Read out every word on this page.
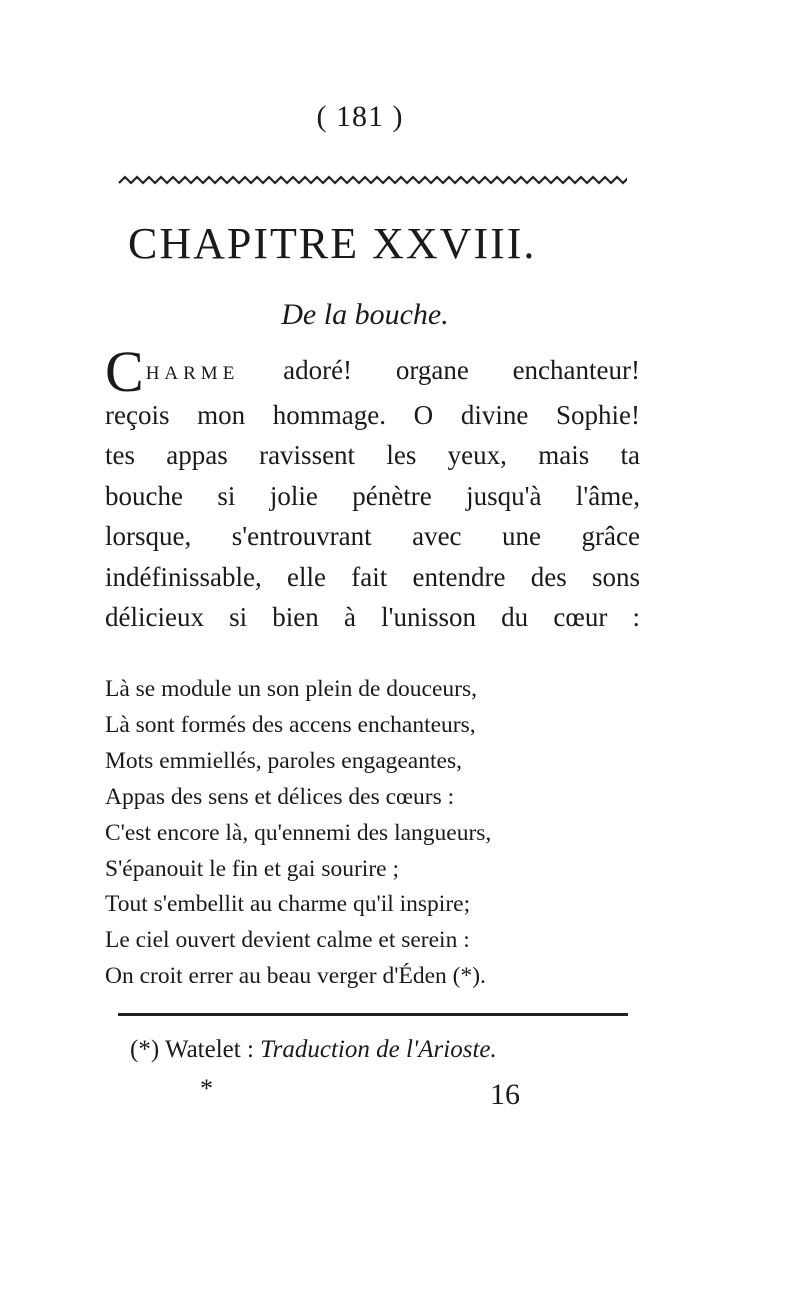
( 181 )
CHAPITRE XXVIII.
De la bouche.
CHARME adoré! organe enchanteur!
reçois mon hommage. O divine Sophie!
tes appas ravissent les yeux, mais ta
bouche si jolie pénètre jusqu'à l'âme,
lorsque, s'entrouvrant avec une grâce
indéfinissable, elle fait entendre des sons
délicieux si bien à l'unisson du cœur :
Là se module un son plein de douceurs,
Là sont formés des accens enchanteurs,
Mots emmiellés, paroles engageantes,
Appas des sens et délices des cœurs :
C'est encore là, qu'ennemi des langueurs,
S'épanouit le fin et gai sourire ;
Tout s'embellit au charme qu'il inspire;
Le ciel ouvert devient calme et serein :
On croit errer au beau verger d'Éden (*).
(*) Watelet : Traduction de l'Arioste.
*	16
